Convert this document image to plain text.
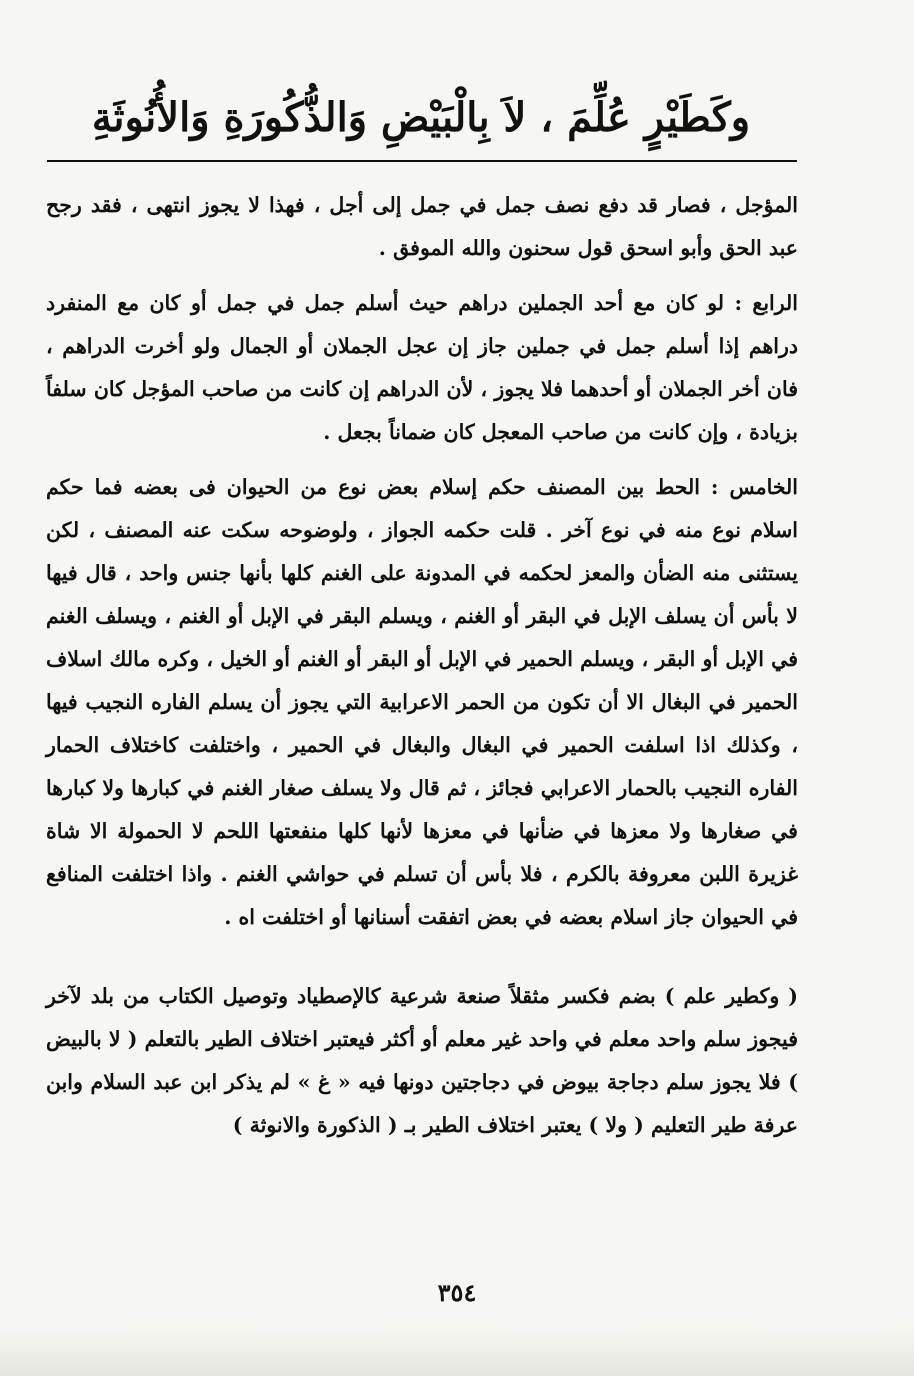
وكَطَيْرٍ عُلِّمَ ، لاَ بِالْبَيْضِ وَالذُّكُورَةِ وَالأُنُوثَةِ

المؤجل ، فصار قد دفع نصف جمل في جمل إلى أجل ، فهذا لا يجوز انتهى ، فقد رجح عبد الحق وأبو اسحق قول سحنون والله الموفق .

الرابع : لو كان مع أحد الجملين دراهم حيث أسلم جمل في جمل أو كان مع المنفرد دراهم إذا أسلم جمل في جملين جاز إن عجل الجملان أو الجمال ولو أخرت الدراهم ، فان أخر الجملان أو أحدهما فلا يجوز ، لأن الدراهم إن كانت من صاحب المؤجل كان سلفاً بزيادة ، وإن كانت من صاحب المعجل كان ضماناً بجعل .

الخامس : الحط بين المصنف حكم إسلام بعض نوع من الحيوان فى بعضه فما حكم اسلام نوع منه في نوع آخر . قلت حكمه الجواز ، ولوضوحه سكت عنه المصنف ، لكن يستثنى منه الضأن والمعز لحكمه في المدونة على الغنم كلها بأنها جنس واحد ، قال فيها لا بأس أن يسلف الإبل في البقر أو الغنم ، ويسلم البقر في الإبل أو الغنم ، ويسلف الغنم في الإبل أو البقر ، ويسلم الحمير في الإبل أو البقر أو الغنم أو الخيل ، وكره مالك اسلاف الحمير في البغال الا أن تكون من الحمر الاعرابية التي يجوز أن يسلم الفاره النجيب فيها ، وكذلك اذا اسلفت الحمير في البغال والبغال في الحمير ، واختلفت كاختلاف الحمار الفاره النجيب بالحمار الاعرابي فجائز ، ثم قال ولا يسلف صغار الغنم في كبارها ولا كبارها في صغارها ولا معزها في ضأنها في معزها لأنها كلها منفعتها اللحم لا الحمولة الا شاة غزيرة اللبن معروفة بالكرم ، فلا بأس أن تسلم في حواشي الغنم . واذا اختلفت المنافع في الحيوان جاز اسلام بعضه في بعض اتفقت أسنانها أو اختلفت اه .

( وكطير علم ) بضم فكسر مثقلاً صنعة شرعية كالإصطياد وتوصيل الكتاب من بلد لآخر فيجوز سلم واحد معلم في واحد غير معلم أو أكثر فيعتبر اختلاف الطير بالتعلم ( لا بالبيض ) فلا يجوز سلم دجاجة بيوض في دجاجتين دونها فيه « غ » لم يذكر ابن عبد السلام وابن عرفة طير التعليم ( ولا ) يعتبر اختلاف الطير بـ ( الذكورة والانوثة )

٣٥٤
